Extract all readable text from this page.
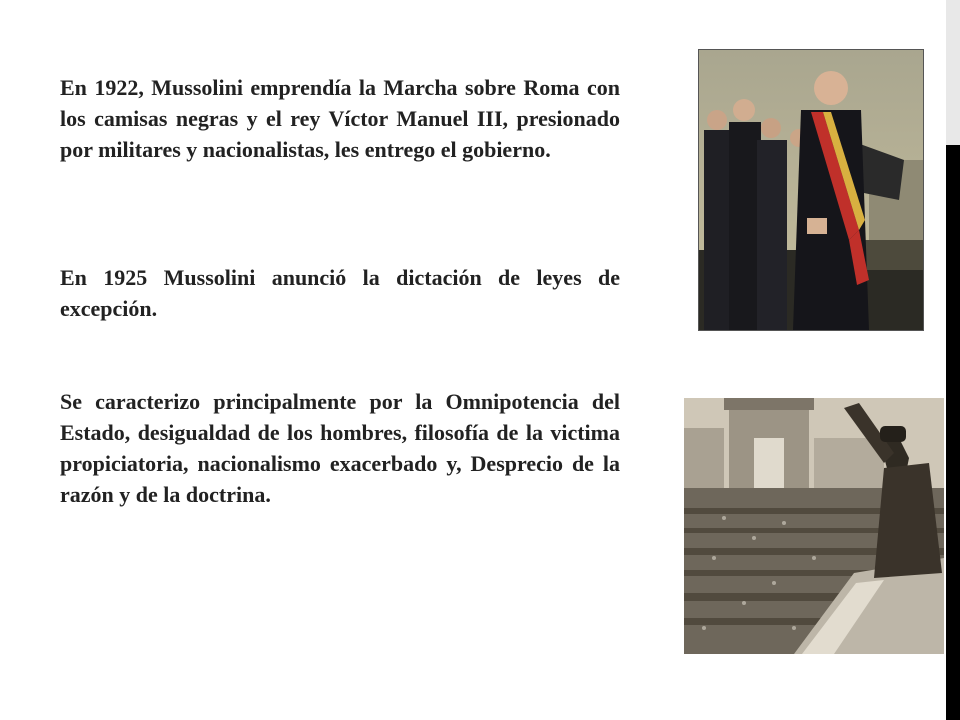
En 1922, Mussolini emprendía la Marcha sobre Roma con los camisas negras y el rey Víctor Manuel III, presionado por militares y nacionalistas, les entrego el gobierno.

En 1925 Mussolini anunció la dictación de leyes de excepción.

Se caracterizo principalmente por la Omnipotencia del Estado, desigualdad de los hombres, filosofía de la victima propiciatoria, nacionalismo exacerbado y, Desprecio de la razón y de la doctrina.
